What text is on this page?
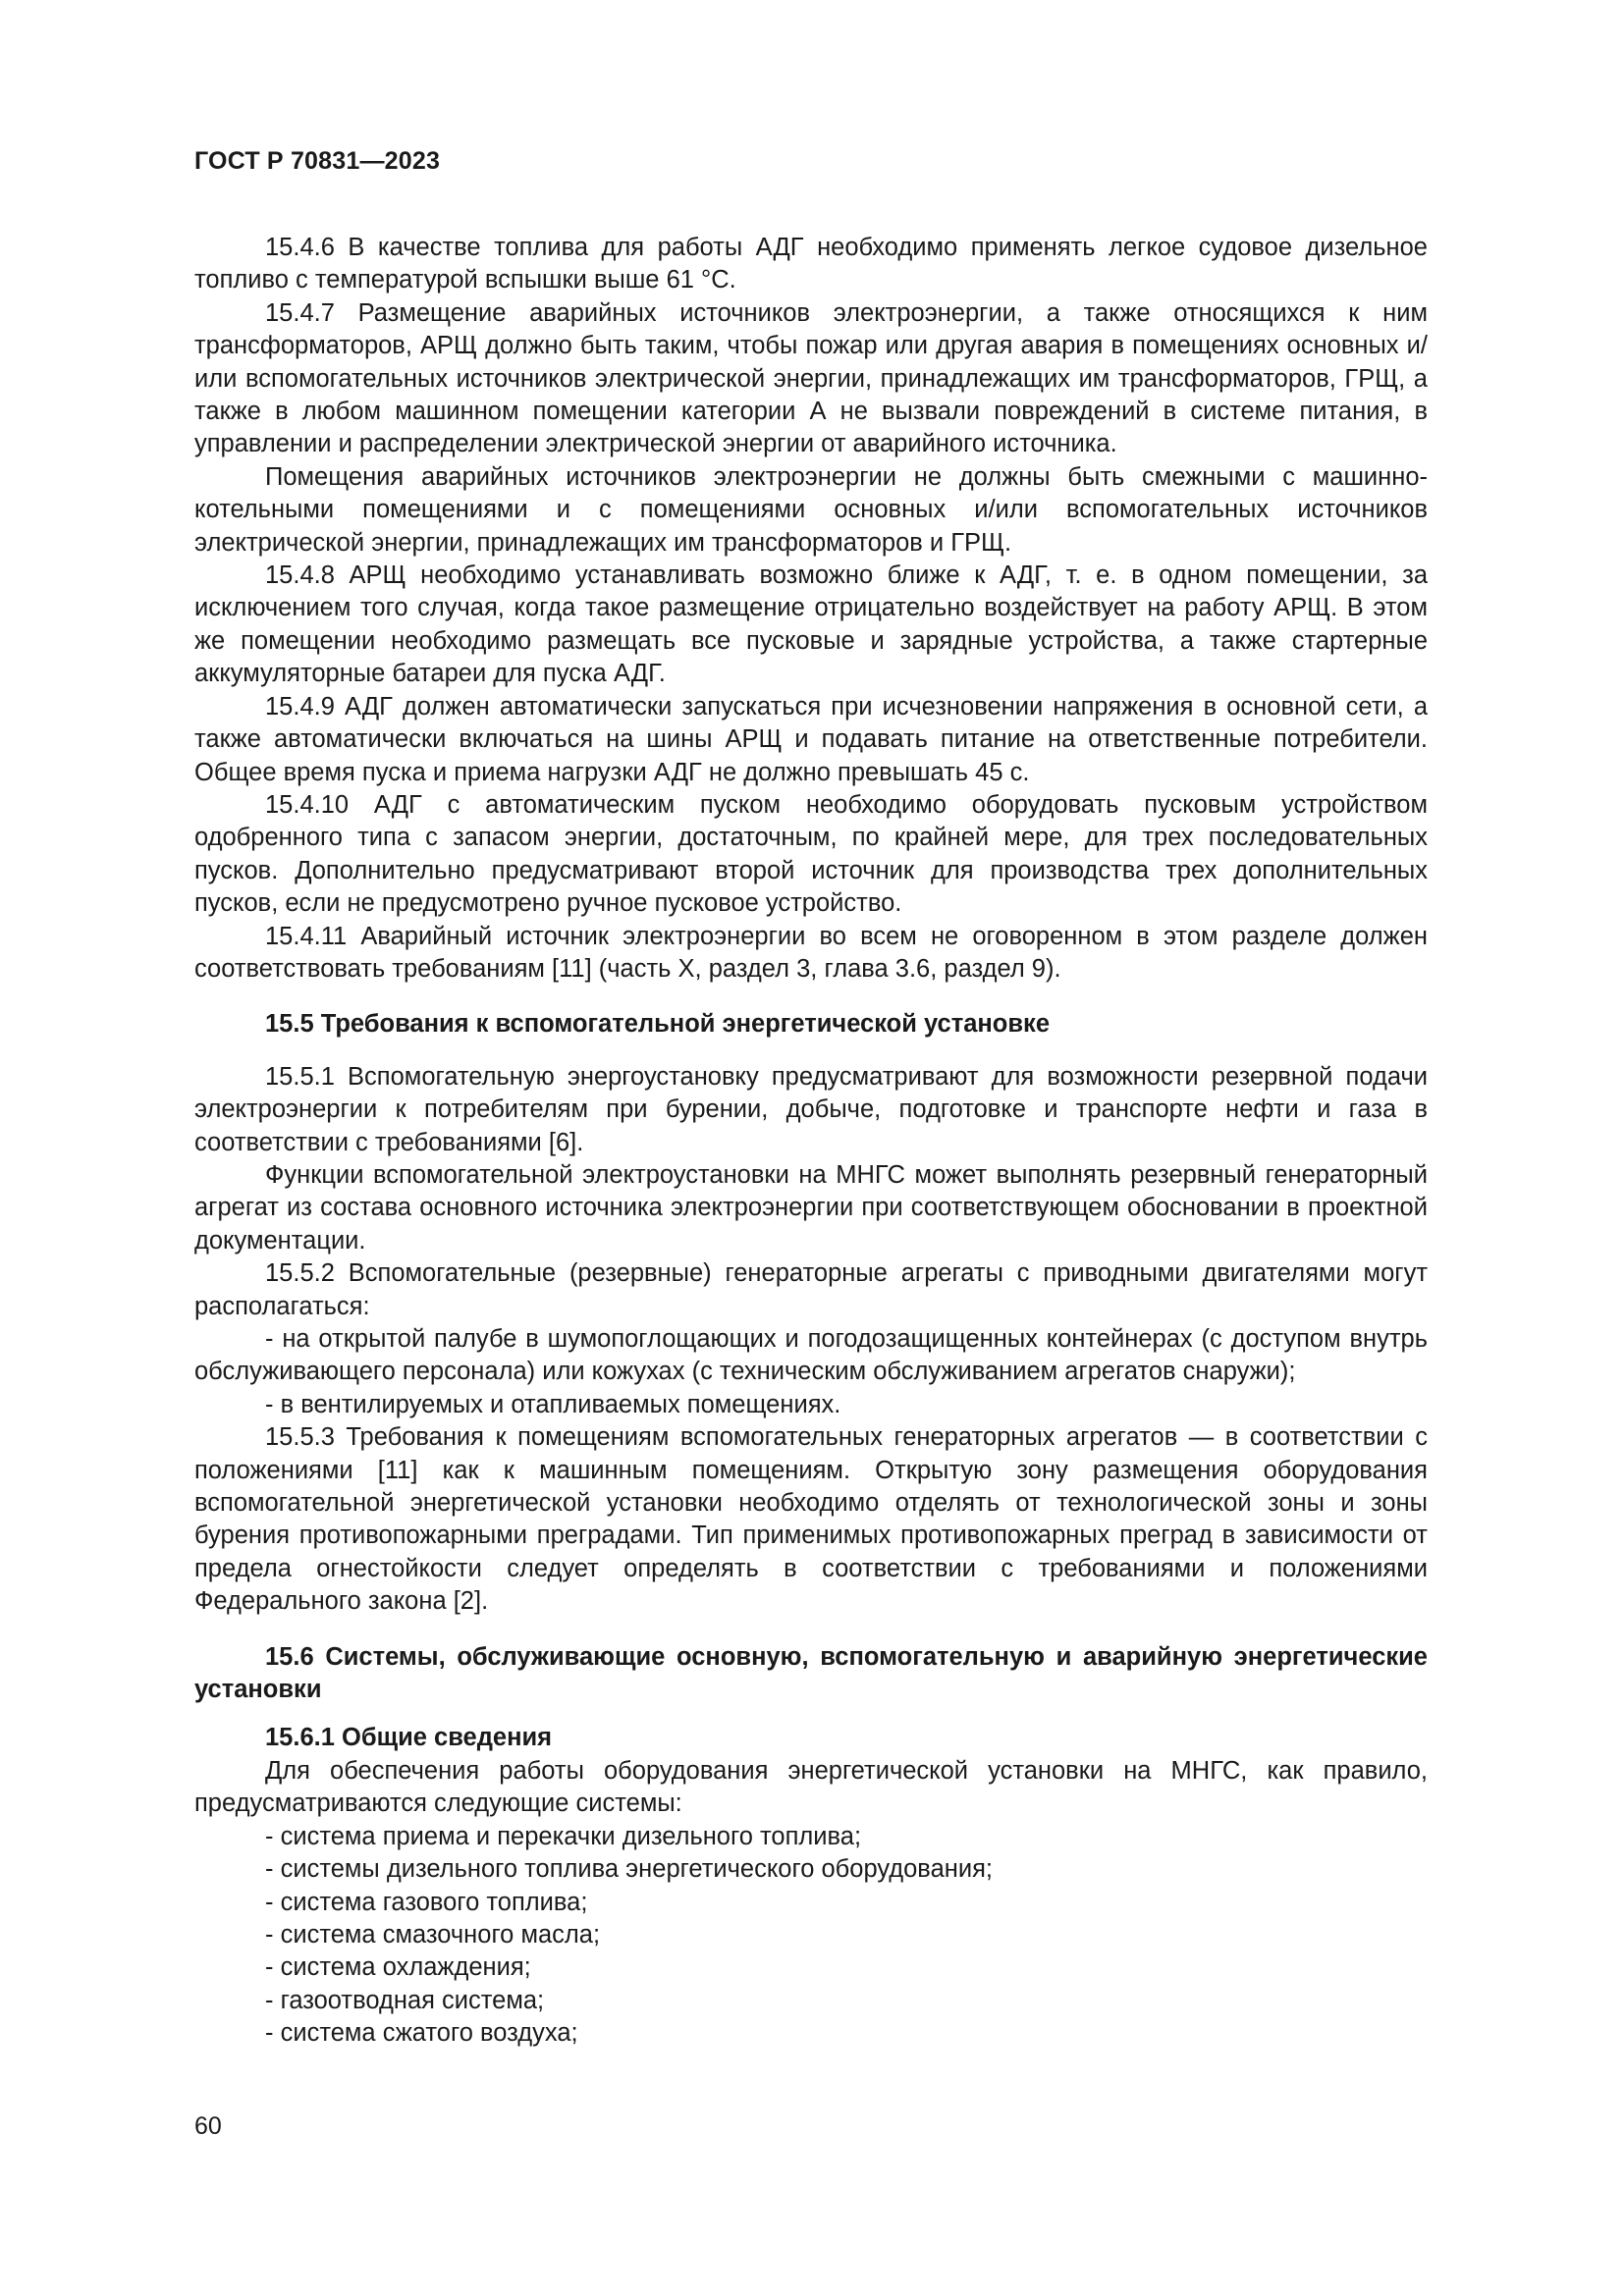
ГОСТ Р 70831—2023

15.4.6 В качестве топлива для работы АДГ необходимо применять легкое судовое дизельное топливо с температурой вспышки выше 61 °С.

15.4.7 Размещение аварийных источников электроэнергии, а также относящихся к ним трансформаторов, АРЩ должно быть таким, чтобы пожар или другая авария в помещениях основных и/или вспомогательных источников электрической энергии, принадлежащих им трансформаторов, ГРЩ, а также в любом машинном помещении категории А не вызвали повреждений в системе питания, в управлении и распределении электрической энергии от аварийного источника.

Помещения аварийных источников электроэнергии не должны быть смежными с машинно-котельными помещениями и с помещениями основных и/или вспомогательных источников электрической энергии, принадлежащих им трансформаторов и ГРЩ.

15.4.8 АРЩ необходимо устанавливать возможно ближе к АДГ, т. е. в одном помещении, за исключением того случая, когда такое размещение отрицательно воздействует на работу АРЩ. В этом же помещении необходимо размещать все пусковые и зарядные устройства, а также стартерные аккумуляторные батареи для пуска АДГ.

15.4.9 АДГ должен автоматически запускаться при исчезновении напряжения в основной сети, а также автоматически включаться на шины АРЩ и подавать питание на ответственные потребители. Общее время пуска и приема нагрузки АДГ не должно превышать 45 с.

15.4.10 АДГ с автоматическим пуском необходимо оборудовать пусковым устройством одобренного типа с запасом энергии, достаточным, по крайней мере, для трех последовательных пусков. Дополнительно предусматривают второй источник для производства трех дополнительных пусков, если не предусмотрено ручное пусковое устройство.

15.4.11 Аварийный источник электроэнергии во всем не оговоренном в этом разделе должен соответствовать требованиям [11] (часть X, раздел 3, глава 3.6, раздел 9).

15.5 Требования к вспомогательной энергетической установке

15.5.1 Вспомогательную энергоустановку предусматривают для возможности резервной подачи электроэнергии к потребителям при бурении, добыче, подготовке и транспорте нефти и газа в соответствии с требованиями [6].

Функции вспомогательной электроустановки на МНГС может выполнять резервный генераторный агрегат из состава основного источника электроэнергии при соответствующем обосновании в проектной документации.

15.5.2 Вспомогательные (резервные) генераторные агрегаты с приводными двигателями могут располагаться:

- на открытой палубе в шумопоглощающих и погодозащищенных контейнерах (с доступом внутрь обслуживающего персонала) или кожухах (с техническим обслуживанием агрегатов снаружи);

- в вентилируемых и отапливаемых помещениях.

15.5.3 Требования к помещениям вспомогательных генераторных агрегатов — в соответствии с положениями [11] как к машинным помещениям. Открытую зону размещения оборудования вспомогательной энергетической установки необходимо отделять от технологической зоны и зоны бурения противопожарными преградами. Тип применимых противопожарных преград в зависимости от предела огнестойкости следует определять в соответствии с требованиями и положениями Федерального закона [2].

15.6 Системы, обслуживающие основную, вспомогательную и аварийную энергетические установки

15.6.1 Общие сведения

Для обеспечения работы оборудования энергетической установки на МНГС, как правило, предусматриваются следующие системы:

- система приема и перекачки дизельного топлива;
- системы дизельного топлива энергетического оборудования;
- система газового топлива;
- система смазочного масла;
- система охлаждения;
- газоотводная система;
- система сжатого воздуха;
60
